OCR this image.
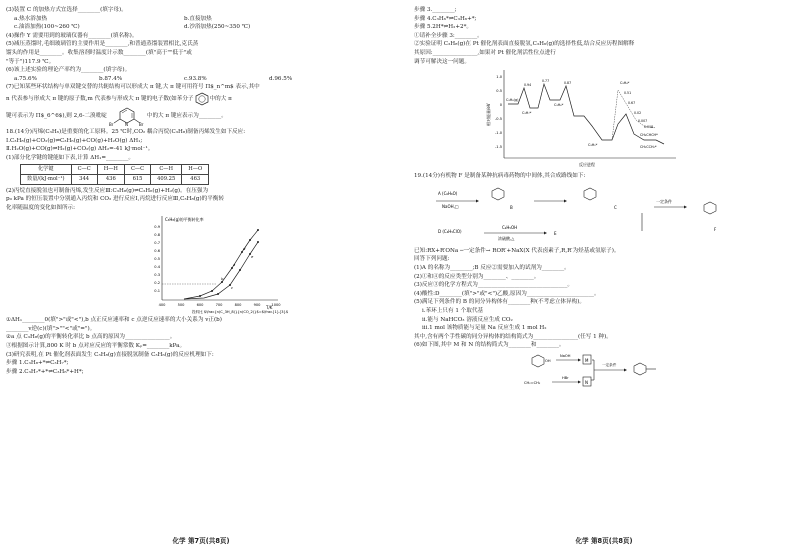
(3)装置 C 的加热方式宜选择________(填字母)。
a.热水浴加热	b.直接加热
c.油浴加热(100~260 ℃)	d.沙浴加热(250~350 ℃)
(4)操作 Y 需要用到的玻璃仪器有________(填名称)。
(5)减压蒸馏时,毛细玻璃管的主要作用是________,和普通蒸馏装置相比,克氏蒸
馏头的作用是________。收集溶剂时温度计示数________(填"高于""低于"或
"等于")117.9 ℃。
(6)该上述实验的理论产率约为________(填字母)。
a.75.6%	b.87.4%	c.93.8%	d.96.5%
(7)已知某些环状结构与单双键交替的共轭结构可以形成大 π 键,大 π 键可用符号 Π$_n^m$ 表示,其中
n 代表参与形成大 π 键的原子数,m 代表参与形成大 π 键的电子数(如苯分子	中的大 π
键可表示为 Π$_6^6$),则 2,6-二溴吡啶
N
Br	Br
中的大 π 键应表示为________。
18.(14分)丙烯(C₃H₆)是重要的化工原料。25 ℃时,CO₂ 耦合丙烷(C₃H₈)制备丙烯发生如下反应:
Ⅰ.C₃H₈(g)+CO₂(g)⇌C₃H₆(g)+CO(g)+H₂O(g) ΔH₁;
Ⅱ.H₂O(g)+CO(g)⇌H₂(g)+CO₂(g) ΔH₂=-41 kJ·mol⁻¹。
(1)部分化学键的键能如下表,计算 ΔH₁=________。
化学键	C—C	H—H	C—C	C—H	H—O
数量/(kJ·mol⁻¹)	344	436	615	409.25	463
(2)丙烷直接脱氢也可制备丙烯,发生反应Ⅲ:C₃H₈(g)⇌C₃H₆(g)+H₂(g)。在压强为
p₀ kPa 的恒压装置中分别通入丙烷和 CO₂ 进行反应Ⅰ,丙烷进行反应Ⅲ,C₃H₈(g)的平衡转
化率随温度的变化如图所示:
C₃H₈(g)的平衡转化率
T/K
0.9
0.8
0.7
0.6
0.5
0.4
0.3
0.2
0.1
400	500	600	700	800	900	1000
a
b
c
d
e
投料比 $\frac{n(C_3H_8)}{n(CO_2)}$=$\frac{1}{3}$
①ΔH₁________0(填">"或"<"),b 点正反应速率和 c 点逆反应速率的大小关系为 v正(b)
________v逆(c)(填">""<"或"=")。
②a 点 C₃H₈(g)的平衡转化率比 b 点高的原因为________________。
③根据图示计算,800 K 时 b 点对应反应的平衡常数 Kₚ=________kPa。
(3)研究表明,在 Pt 催化剂表面发生 C₃H₈(g)直接脱氢制备 C₃H₆(g)的反应机理如下:
步骤 1.C₃H₈+*⇌C₃H₇*;
步骤 2.C₃H₇*+*⇌C₃H₆*+H*;
化学 第7页(共8页)
步骤 3.________;
步骤 4.C₃H₆*⇌C₃H₆+*;
步骤 5.2H*⇌H₂+2*。
①请补全步骤 3:________。
②实验证明 C₃H₈(g)在 Pt 催化剂表面直接脱氢,C₃H₆(g)的选择性低,结合反应历程图解释
其原因:________________,如果对 Pt 催化剂活性位点进行
调节可解决这一问题。
相对能量/eV
反应进程
1.0
0.5
0
-0.5
-1.0
-1.5
C₃H₈(g)
C₃H₇*
C₃H₆*
C₃H₅*
C₃H₄*
CH₃CHCH*
CH₂CCH₂*
0.94
0.77	0.87
0.51
0.67
0.02
0.007
0.018
19.(14分)有机物 F 是制备某种抗病毒药物的中间体,其合成路线如下:
A (C₆H₆O)
NaOH,□	B	C
一定条件
F
D (C₄H₅ClO)
C₂H₅OH
浓硫酸,△
E
已知:RX+R′ONa ─一定条件→ ROR′+NaX(X 代表卤素子,R,R′为烃基或氢原子)。
回答下列问题:
(1)A 的名称为________;B 反应②需要加入的试剂为________。
(2)①和④的反应类型分别为________、________。
(3)反应③的化学方程式为________________________________。
(4)酸性:D________(填">"或"<")乙酸,原因为________________________。
(5)满足下列条件的 B 的同分异构体有________种(不考虑立体异构)。
ⅰ.苯环上只有 1 个取代基
ⅱ.能与 NaHCO₃ 溶液反应生成 CO₂
ⅲ.1 mol 该物质能与足量 Na 反应生成 1 mol H₂
其中,含有两个手性碳的同分异构体的结构简式为________________(任写 1 种)。
(6)如下图,其中 M 和 N 的结构简式为________和________。
OH
NaOH
M
一定条件
CH₂=CH₂
HBr
N
化学 第8页(共8页)
